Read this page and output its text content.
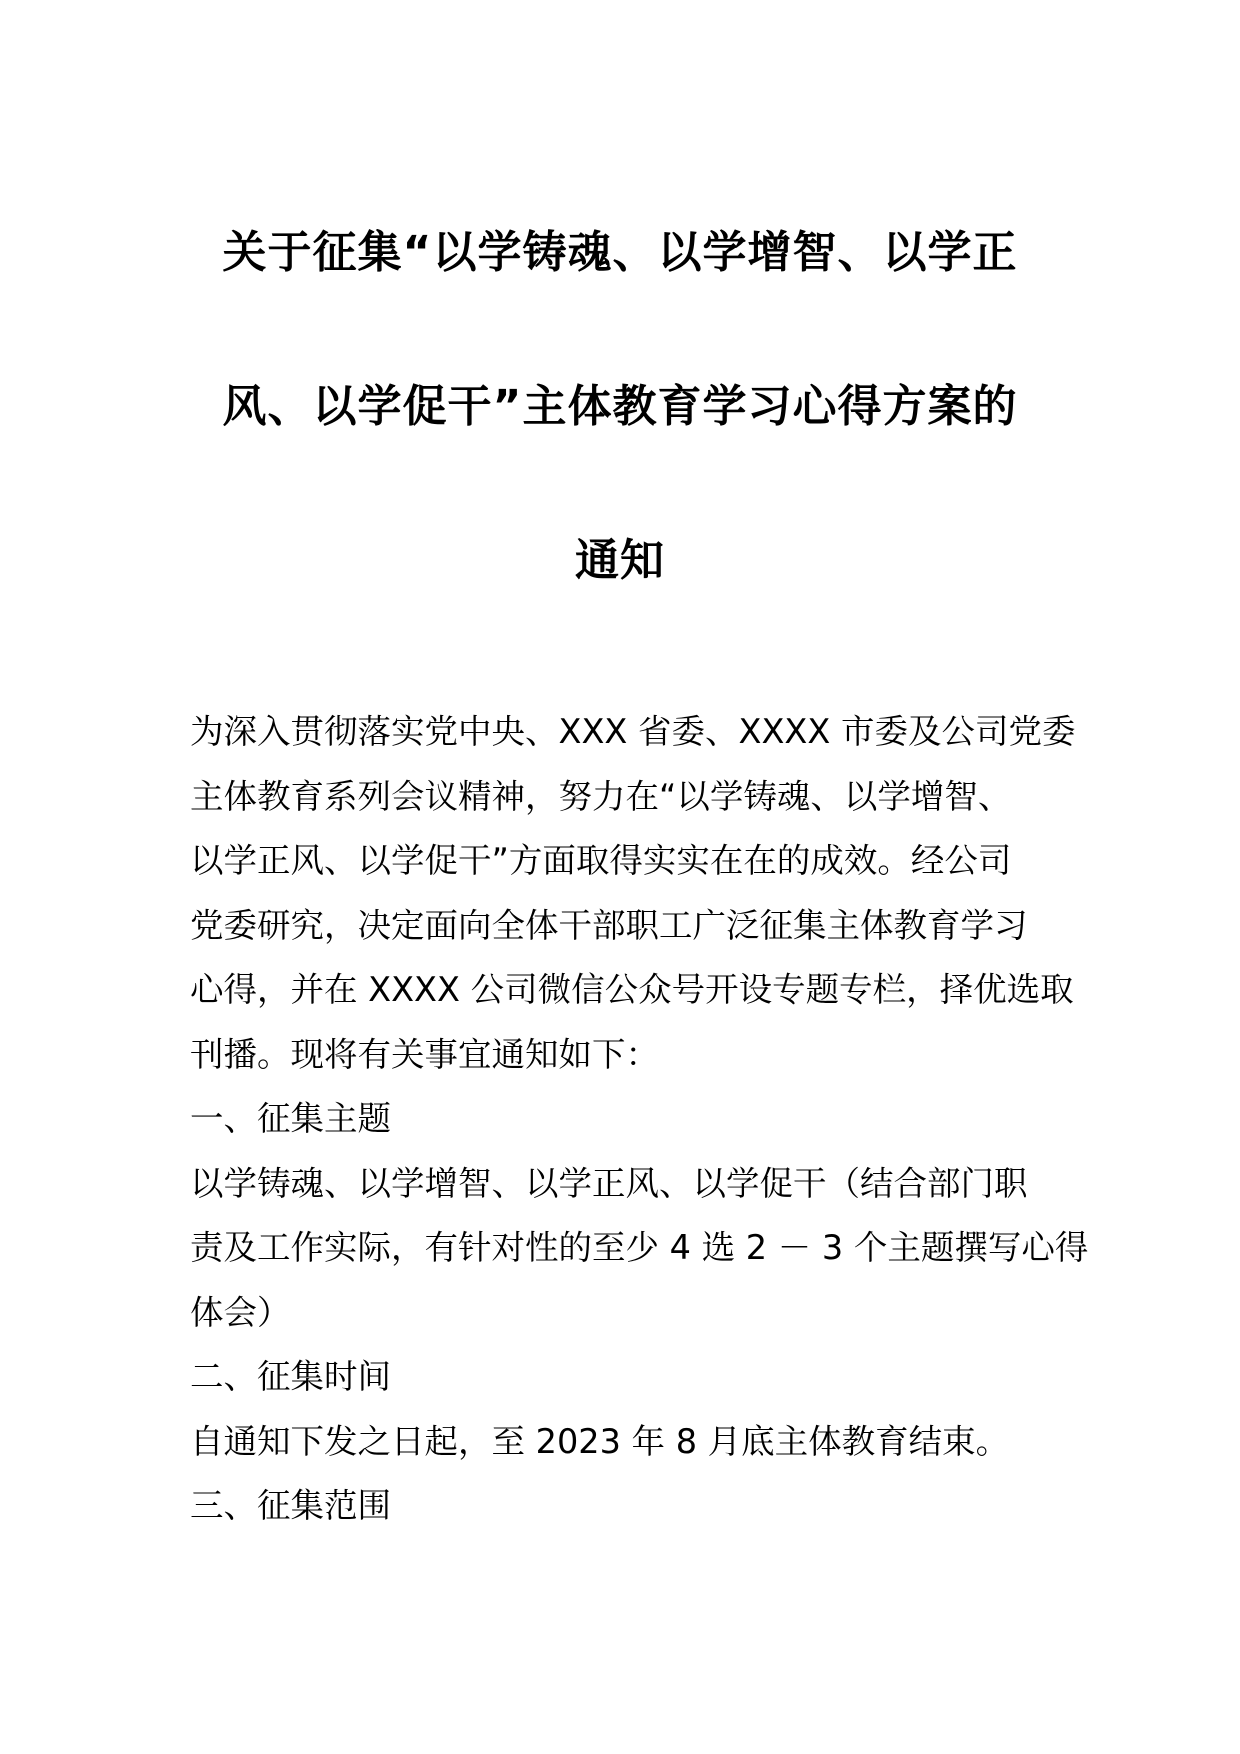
关于征集“以学铸魂、以学增智、以学正
风、以学促干”主体教育学习心得方案的
通知
为深入贯彻落实党中央、XXX 省委、XXXX 市委及公司党委
主体教育系列会议精神，努力在“以学铸魂、以学增智、
以学正风、以学促干”方面取得实实在在的成效。经公司
党委研究，决定面向全体干部职工广泛征集主体教育学习
心得，并在 XXXX 公司微信公众号开设专题专栏，择优选取
刊播。现将有关事宜通知如下：
一、征集主题
以学铸魂、以学增智、以学正风、以学促干（结合部门职
责及工作实际，有针对性的至少 4 选 2 － 3 个主题撰写心得
体会）
二、征集时间
自通知下发之日起，至 2023 年 8 月底主体教育结束。
三、征集范围
